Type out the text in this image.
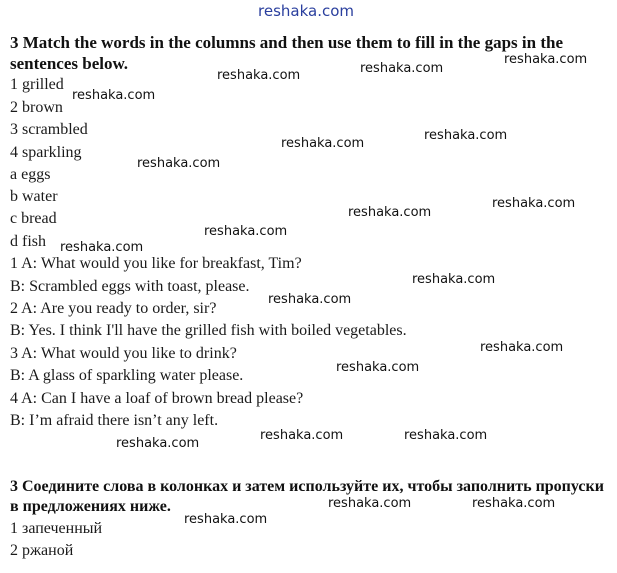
reshaka.com
3 Match the words in the columns and then use them to fill in the gaps in the sentences below.
1 grilled
2 brown
3 scrambled
4 sparkling
a eggs
b water
c bread
d fish
1 A: What would you like for breakfast, Tim?
B: Scrambled eggs with toast, please.
2 A: Are you ready to order, sir?
B: Yes. I think I'll have the grilled fish with boiled vegetables.
3 A: What would you like to drink?
B: A glass of sparkling water please.
4 A: Can I have a loaf of brown bread please?
B: I’m afraid there isn’t any left.
3 Соедините слова в колонках и затем используйте их, чтобы заполнить пропуски в предложениях ниже.
1 запеченный
2 ржаной
reshaka.com	reshaka.com
reshaka.com
reshaka.com
reshaka.com
reshaka.com
reshaka.com
reshaka.com
reshaka.com
reshaka.com
reshaka.com
reshaka.com
reshaka.com
reshaka.com
reshaka.com
reshaka.com	reshaka.com
reshaka.com
reshaka.com	reshaka.com
reshaka.com
